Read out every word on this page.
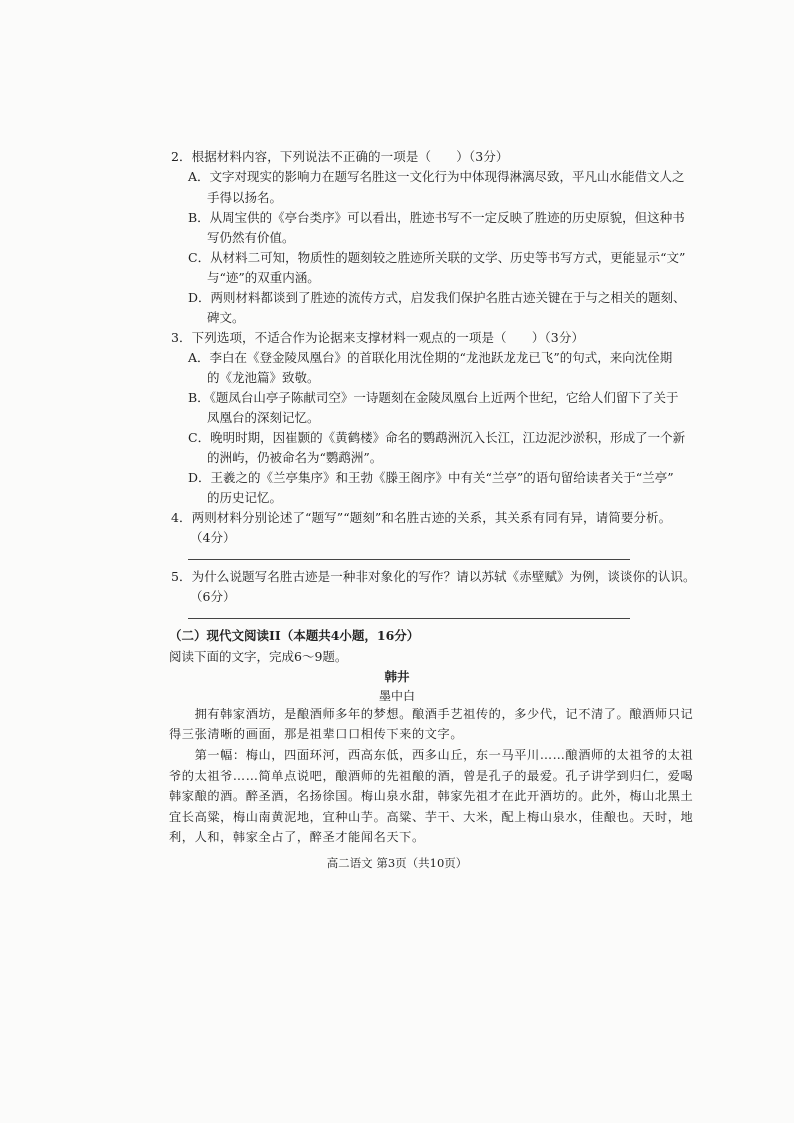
2．根据材料内容，下列说法不正确的一项是（　　）（3分）
A．文字对现实的影响力在题写名胜这一文化行为中体现得淋漓尽致，平凡山水能借文人之
手得以扬名。
B．从周宝供的《亭台类序》可以看出，胜迹书写不一定反映了胜迹的历史原貌，但这种书
写仍然有价值。
C．从材料二可知，物质性的题刻较之胜迹所关联的文学、历史等书写方式，更能显示“文”
与“迹”的双重内涵。
D．两则材料都谈到了胜迹的流传方式，启发我们保护名胜古迹关键在于与之相关的题刻、
碑文。
3．下列选项，不适合作为论据来支撑材料一观点的一项是（　　）（3分）
A．李白在《登金陵凤凰台》的首联化用沈佺期的“龙池跃龙龙已飞”的句式，来向沈佺期
的《龙池篇》致敬。
B．《题凤台山亭子陈献司空》一诗题刻在金陵凤凰台上近两个世纪，它给人们留下了关于
凤凰台的深刻记忆。
C．晚明时期，因崔颢的《黄鹤楼》命名的鹦鹉洲沉入长江，江边泥沙淤积，形成了一个新
的洲屿，仍被命名为“鹦鹉洲”。
D．王羲之的《兰亭集序》和王勃《滕王阁序》中有关“兰亭”的语句留给读者关于“兰亭”
的历史记忆。
4．两则材料分别论述了“题写”“题刻”和名胜古迹的关系，其关系有同有异，请简要分析。
（4分）
5．为什么说题写名胜古迹是一种非对象化的写作？请以苏轼《赤壁赋》为例，谈谈你的认识。
（6分）
（二）现代文阅读II（本题共4小题，16分）
阅读下面的文字，完成6～9题。
韩井
墨中白
　　拥有韩家酒坊，是酿酒师多年的梦想。酿酒手艺祖传的，多少代，记不清了。酿酒师只记
得三张清晰的画面，那是祖辈口口相传下来的文字。
　　第一幅：梅山，四面环河，西高东低，西多山丘，东一马平川……酿酒师的太祖爷的太祖
爷的太祖爷……简单点说吧，酿酒师的先祖酿的酒，曾是孔子的最爱。孔子讲学到归仁，爱喝
韩家酿的酒。醉圣酒，名扬徐国。梅山泉水甜，韩家先祖才在此开酒坊的。此外，梅山北黑土
宜长高粱，梅山南黄泥地，宜种山芋。高粱、芋干、大米，配上梅山泉水，佳酿也。天时，地
利，人和，韩家全占了，醉圣才能闻名天下。
高二语文 第3页（共10页）
